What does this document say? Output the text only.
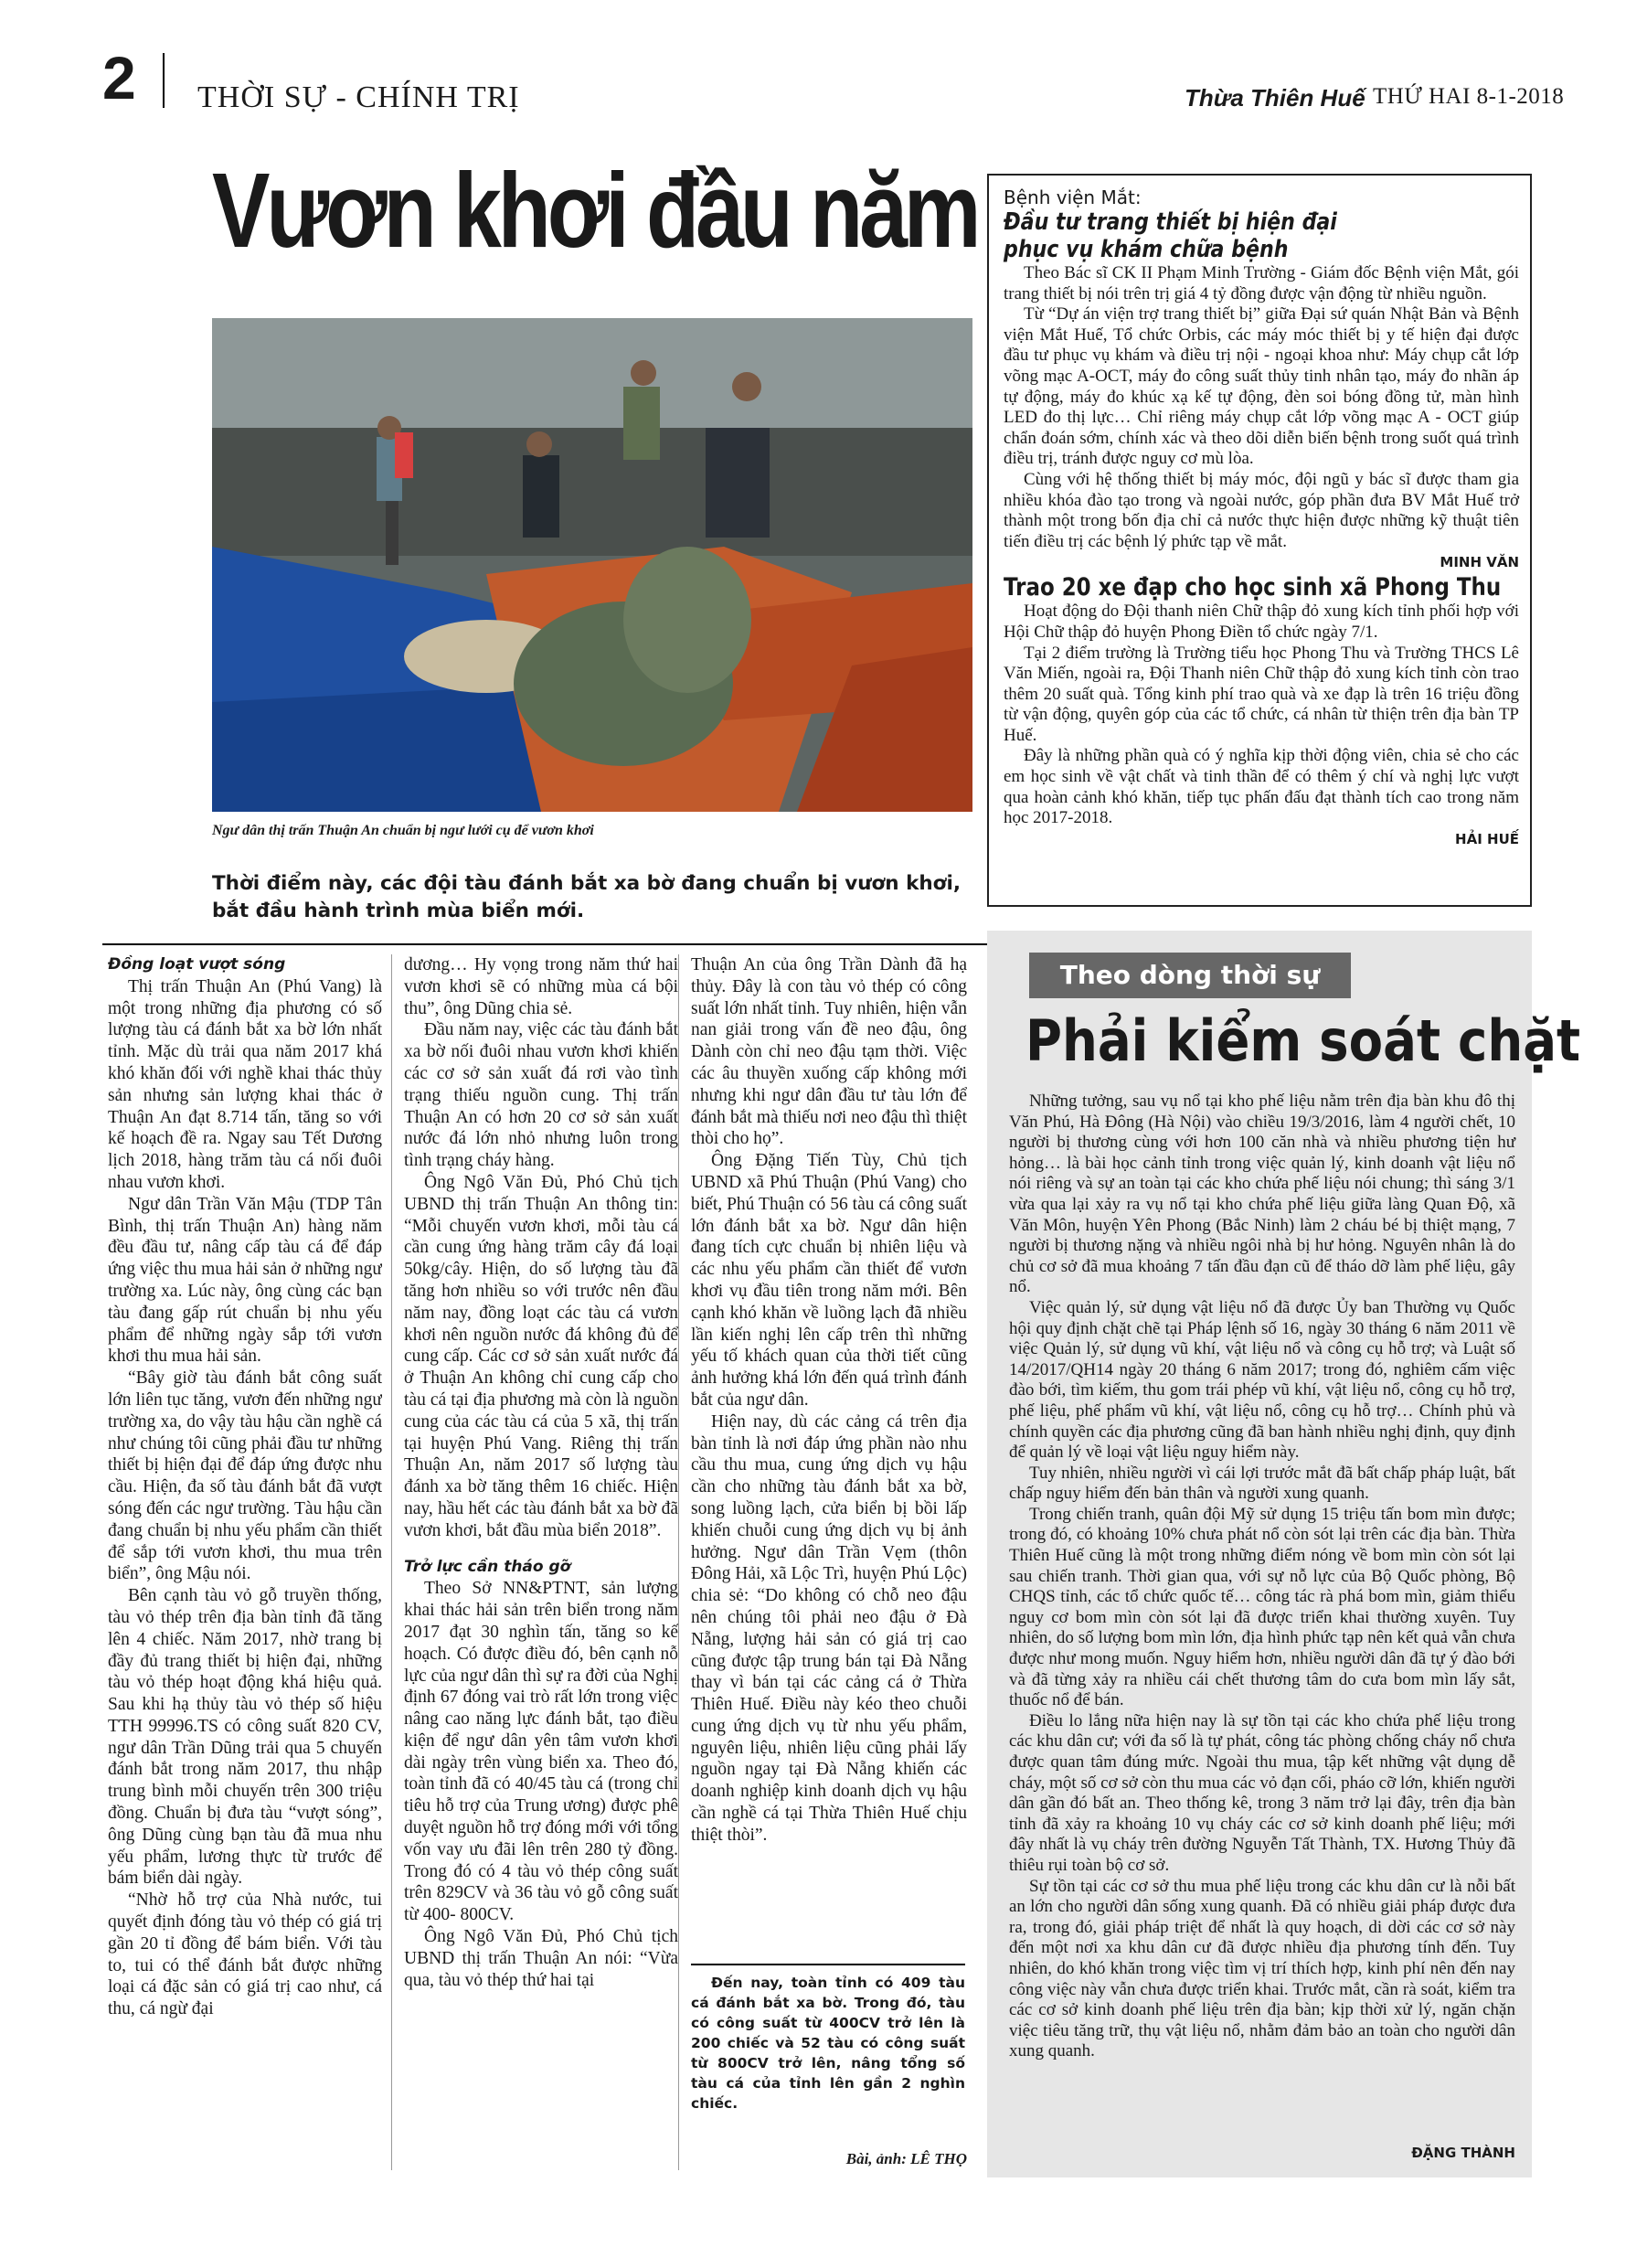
2 THỜI SỰ - CHÍNH TRỊ	Thừa Thiên Huế THỨ HAI 8-1-2018
Vươn khơi đầu năm
Ngư dân thị trấn Thuận An chuẩn bị ngư lưới cụ để vươn khơi
Thời điểm này, các đội tàu đánh bắt xa bờ đang chuẩn bị vươn khơi, bắt đầu hành trình mùa biển mới.
Đồng loạt vượt sóng

Thị trấn Thuận An (Phú Vang) là một trong những địa phương có số lượng tàu cá đánh bắt xa bờ lớn nhất tỉnh. Mặc dù trải qua năm 2017 khá khó khăn đối với nghề khai thác thủy sản nhưng sản lượng khai thác ở Thuận An đạt 8.714 tấn, tăng so với kế hoạch đề ra. Ngay sau Tết Dương lịch 2018, hàng trăm tàu cá nối đuôi nhau vươn khơi.

Ngư dân Trần Văn Mậu (TDP Tân Bình, thị trấn Thuận An) hàng năm đều đầu tư, nâng cấp tàu cá để đáp ứng việc thu mua hải sản ở những ngư trường xa. Lúc này, ông cùng các bạn tàu đang gấp rút chuẩn bị nhu yếu phẩm để những ngày sắp tới vươn khơi thu mua hải sản.

“Bây giờ tàu đánh bắt công suất lớn liên tục tăng, vươn đến những ngư trường xa, do vậy tàu hậu cần nghề cá như chúng tôi cũng phải đầu tư những thiết bị hiện đại để đáp ứng được nhu cầu. Hiện, đa số tàu đánh bắt đã vượt sóng đến các ngư trường. Tàu hậu cần đang chuẩn bị nhu yếu phẩm cần thiết để sắp tới vươn khơi, thu mua trên biển”, ông Mậu nói.

Bên cạnh tàu vỏ gỗ truyền thống, tàu vỏ thép trên địa bàn tỉnh đã tăng lên 4 chiếc. Năm 2017, nhờ trang bị đầy đủ trang thiết bị hiện đại, những tàu vỏ thép hoạt động khá hiệu quả. Sau khi hạ thủy tàu vỏ thép số hiệu TTH 99996.TS có công suất 820 CV, ngư dân Trần Dũng trải qua 5 chuyến đánh bắt trong năm 2017, thu nhập trung bình mỗi chuyến trên 300 triệu đồng. Chuẩn bị đưa tàu “vượt sóng”, ông Dũng cùng bạn tàu đã mua nhu yếu phẩm, lương thực từ trước để bám biển dài ngày.

“Nhờ hỗ trợ của Nhà nước, tui quyết định đóng tàu vỏ thép có giá trị gần 20 tỉ đồng để bám biển. Với tàu to, tui có thể đánh bắt được những loại cá đặc sản có giá trị cao như, cá thu, cá ngừ đại

dương… Hy vọng trong năm thứ hai vươn khơi sẽ có những mùa cá bội thu”, ông Dũng chia sẻ.

Đầu năm nay, việc các tàu đánh bắt xa bờ nối đuôi nhau vươn khơi khiến các cơ sở sản xuất đá rơi vào tình trạng thiếu nguồn cung. Thị trấn Thuận An có hơn 20 cơ sở sản xuất nước đá lớn nhỏ nhưng luôn trong tình trạng cháy hàng.

Ông Ngô Văn Đủ, Phó Chủ tịch UBND thị trấn Thuận An thông tin: “Mỗi chuyến vươn khơi, mỗi tàu cá cần cung ứng hàng trăm cây đá loại 50kg/cây. Hiện, do số lượng tàu đã tăng hơn nhiều so với trước nên đầu năm nay, đồng loạt các tàu cá vươn khơi nên nguồn nước đá không đủ để cung cấp. Các cơ sở sản xuất nước đá ở Thuận An không chỉ cung cấp cho tàu cá tại địa phương mà còn là nguồn cung của các tàu cá của 5 xã, thị trấn tại huyện Phú Vang. Riêng thị trấn Thuận An, năm 2017 số lượng tàu đánh xa bờ tăng thêm 16 chiếc. Hiện nay, hầu hết các tàu đánh bắt xa bờ đã vươn khơi, bắt đầu mùa biển 2018”.

Trở lực cần tháo gỡ

Theo Sở NN&PTNT, sản lượng khai thác hải sản trên biển trong năm 2017 đạt 30 nghìn tấn, tăng so kế hoạch. Có được điều đó, bên cạnh nỗ lực của ngư dân thì sự ra đời của Nghị định 67 đóng vai trò rất lớn trong việc nâng cao năng lực đánh bắt, tạo điều kiện để ngư dân yên tâm vươn khơi dài ngày trên vùng biển xa. Theo đó, toàn tỉnh đã có 40/45 tàu cá (trong chỉ tiêu hỗ trợ của Trung ương) được phê duyệt nguồn hỗ trợ đóng mới với tổng vốn vay ưu đãi lên trên 280 tỷ đồng. Trong đó có 4 tàu vỏ thép công suất trên 829CV và 36 tàu vỏ gỗ công suất từ 400- 800CV.

Ông Ngô Văn Đủ, Phó Chủ tịch UBND thị trấn Thuận An nói: “Vừa qua, tàu vỏ thép thứ hai tại

Thuận An của ông Trần Dành đã hạ thủy. Đây là con tàu vỏ thép có công suất lớn nhất tỉnh. Tuy nhiên, hiện vẫn nan giải trong vấn đề neo đậu, ông Dành còn chỉ neo đậu tạm thời. Việc các âu thuyền xuống cấp không mới nhưng khi ngư dân đầu tư tàu lớn để đánh bắt mà thiếu nơi neo đậu thì thiệt thòi cho họ”.

Ông Đặng Tiến Tùy, Chủ tịch UBND xã Phú Thuận (Phú Vang) cho biết, Phú Thuận có 56 tàu cá công suất lớn đánh bắt xa bờ. Ngư dân hiện đang tích cực chuẩn bị nhiên liệu và các nhu yếu phẩm cần thiết để vươn khơi vụ đầu tiên trong năm mới. Bên cạnh khó khăn về luồng lạch đã nhiều lần kiến nghị lên cấp trên thì những yếu tố khách quan của thời tiết cũng ảnh hưởng khá lớn đến quá trình đánh bắt của ngư dân.

Hiện nay, dù các cảng cá trên địa bàn tỉnh là nơi đáp ứng phần nào nhu cầu thu mua, cung ứng dịch vụ hậu cần cho những tàu đánh bắt xa bờ, song luồng lạch, cửa biển bị bồi lấp khiến chuỗi cung ứng dịch vụ bị ảnh hưởng. Ngư dân Trần Vẹm (thôn Đông Hải, xã Lộc Trì, huyện Phú Lộc) chia sẻ: “Do không có chỗ neo đậu nên chúng tôi phải neo đậu ở Đà Nẵng, lượng hải sản có giá trị cao cũng được tập trung bán tại Đà Nẵng thay vì bán tại các cảng cá ở Thừa Thiên Huế. Điều này kéo theo chuỗi cung ứng dịch vụ từ nhu yếu phẩm, nguyên liệu, nhiên liệu cũng phải lấy nguồn ngay tại Đà Nẵng khiến các doanh nghiệp kinh doanh dịch vụ hậu cần nghề cá tại Thừa Thiên Huế chịu thiệt thòi”.

Đến nay, toàn tỉnh có 409 tàu cá đánh bắt xa bờ. Trong đó, tàu có công suất từ 400CV trở lên là 200 chiếc và 52 tàu có công suất từ 800CV trở lên, nâng tổng số tàu cá của tỉnh lên gần 2 nghìn chiếc.

Bài, ảnh: LÊ THỌ
Bệnh viện Mắt:
Đầu tư trang thiết bị hiện đại
phục vụ khám chữa bệnh

Theo Bác sĩ CK II Phạm Minh Trường - Giám đốc Bệnh viện Mắt, gói trang thiết bị nói trên trị giá 4 tỷ đồng được vận động từ nhiều nguồn.

Từ “Dự án viện trợ trang thiết bị” giữa Đại sứ quán Nhật Bản và Bệnh viện Mắt Huế, Tổ chức Orbis, các máy móc thiết bị y tế hiện đại được đầu tư phục vụ khám và điều trị nội - ngoại khoa như: Máy chụp cắt lớp võng mạc A-OCT, máy đo công suất thủy tinh nhân tạo, máy đo nhãn áp tự động, máy đo khúc xạ kế tự động, đèn soi bóng đồng tử, màn hình LED đo thị lực… Chỉ riêng máy chụp cắt lớp võng mạc A - OCT giúp chẩn đoán sớm, chính xác và theo dõi diễn biến bệnh trong suốt quá trình điều trị, tránh được nguy cơ mù lòa.

Cùng với hệ thống thiết bị máy móc, đội ngũ y bác sĩ được tham gia nhiều khóa đào tạo trong và ngoài nước, góp phần đưa BV Mắt Huế trở thành một trong bốn địa chỉ cả nước thực hiện được những kỹ thuật tiên tiến điều trị các bệnh lý phức tạp về mắt.

MINH VĂN
Trao 20 xe đạp cho học sinh xã Phong Thu

Hoạt động do Đội thanh niên Chữ thập đỏ xung kích tỉnh phối hợp với Hội Chữ thập đỏ huyện Phong Điền tổ chức ngày 7/1.

Tại 2 điểm trường là Trường tiểu học Phong Thu và Trường THCS Lê Văn Miến, ngoài ra, Đội Thanh niên Chữ thập đỏ xung kích tỉnh còn trao thêm 20 suất quà. Tổng kinh phí trao quà và xe đạp là trên 16 triệu đồng từ vận động, quyên góp của các tổ chức, cá nhân từ thiện trên địa bàn TP Huế.

Đây là những phần quà có ý nghĩa kịp thời động viên, chia sẻ cho các em học sinh về vật chất và tinh thần để có thêm ý chí và nghị lực vượt qua hoàn cảnh khó khăn, tiếp tục phấn đấu đạt thành tích cao trong năm học 2017-2018.

HẢI HUẾ
Theo dòng thời sự
Phải kiểm soát chặt

Những tưởng, sau vụ nổ tại kho phế liệu nằm trên địa bàn khu đô thị Văn Phú, Hà Đông (Hà Nội) vào chiều 19/3/2016, làm 4 người chết, 10 người bị thương cùng với hơn 100 căn nhà và nhiều phương tiện hư hỏng… là bài học cảnh tỉnh trong việc quản lý, kinh doanh vật liệu nổ nói riêng và sự an toàn tại các kho chứa phế liệu nói chung; thì sáng 3/1 vừa qua lại xảy ra vụ nổ tại kho chứa phế liệu giữa làng Quan Độ, xã Văn Môn, huyện Yên Phong (Bắc Ninh) làm 2 cháu bé bị thiệt mạng, 7 người bị thương nặng và nhiều ngôi nhà bị hư hỏng. Nguyên nhân là do chủ cơ sở đã mua khoảng 7 tấn đầu đạn cũ để tháo dỡ làm phế liệu, gây nổ.

Việc quản lý, sử dụng vật liệu nổ đã được Ủy ban Thường vụ Quốc hội quy định chặt chẽ tại Pháp lệnh số 16, ngày 30 tháng 6 năm 2011 về việc Quản lý, sử dụng vũ khí, vật liệu nổ và công cụ hỗ trợ; và Luật số 14/2017/QH14 ngày 20 tháng 6 năm 2017; trong đó, nghiêm cấm việc đào bới, tìm kiếm, thu gom trái phép vũ khí, vật liệu nổ, công cụ hỗ trợ, phế liệu, phế phẩm vũ khí, vật liệu nổ, công cụ hỗ trợ… Chính phủ và chính quyền các địa phương cũng đã ban hành nhiều nghị định, quy định để quản lý về loại vật liệu nguy hiểm này.

Tuy nhiên, nhiều người vì cái lợi trước mắt đã bất chấp pháp luật, bất chấp nguy hiểm đến bản thân và người xung quanh.

Trong chiến tranh, quân đội Mỹ sử dụng 15 triệu tấn bom mìn được; trong đó, có khoảng 10% chưa phát nổ còn sót lại trên các địa bàn. Thừa Thiên Huế cũng là một trong những điểm nóng về bom mìn còn sót lại sau chiến tranh. Thời gian qua, với sự nỗ lực của Bộ Quốc phòng, Bộ CHQS tỉnh, các tổ chức quốc tế… công tác rà phá bom mìn, giảm thiểu nguy cơ bom mìn còn sót lại đã được triển khai thường xuyên. Tuy nhiên, do số lượng bom mìn lớn, địa hình phức tạp nên kết quả vẫn chưa được như mong muốn. Nguy hiểm hơn, nhiều người dân đã tự ý đào bới và đã từng xảy ra nhiều cái chết thương tâm do cưa bom mìn lấy sắt, thuốc nổ để bán.

Điều lo lắng nữa hiện nay là sự tồn tại các kho chứa phế liệu trong các khu dân cư; với đa số là tự phát, công tác phòng chống cháy nổ chưa được quan tâm đúng mức. Ngoài thu mua, tập kết những vật dụng dễ cháy, một số cơ sở còn thu mua các vỏ đạn cối, pháo cỡ lớn, khiến người dân gần đó bất an. Theo thống kê, trong 3 năm trở lại đây, trên địa bàn tỉnh đã xảy ra khoảng 10 vụ cháy các cơ sở kinh doanh phế liệu; mới đây nhất là vụ cháy trên đường Nguyễn Tất Thành, TX. Hương Thủy đã thiêu rụi toàn bộ cơ sở.

Sự tồn tại các cơ sở thu mua phế liệu trong các khu dân cư là nỗi bất an lớn cho người dân sống xung quanh. Đã có nhiều giải pháp được đưa ra, trong đó, giải pháp triệt để nhất là quy hoạch, di dời các cơ sở này đến một nơi xa khu dân cư đã được nhiều địa phương tính đến. Tuy nhiên, do khó khăn trong việc tìm vị trí thích hợp, kinh phí nên đến nay công việc này vẫn chưa được triển khai. Trước mắt, cần rà soát, kiểm tra các cơ sở kinh doanh phế liệu trên địa bàn; kịp thời xử lý, ngăn chặn việc tiêu tăng trữ, thụ vật liệu nổ, nhằm đảm bảo an toàn cho người dân xung quanh.

ĐẶNG THÀNH
